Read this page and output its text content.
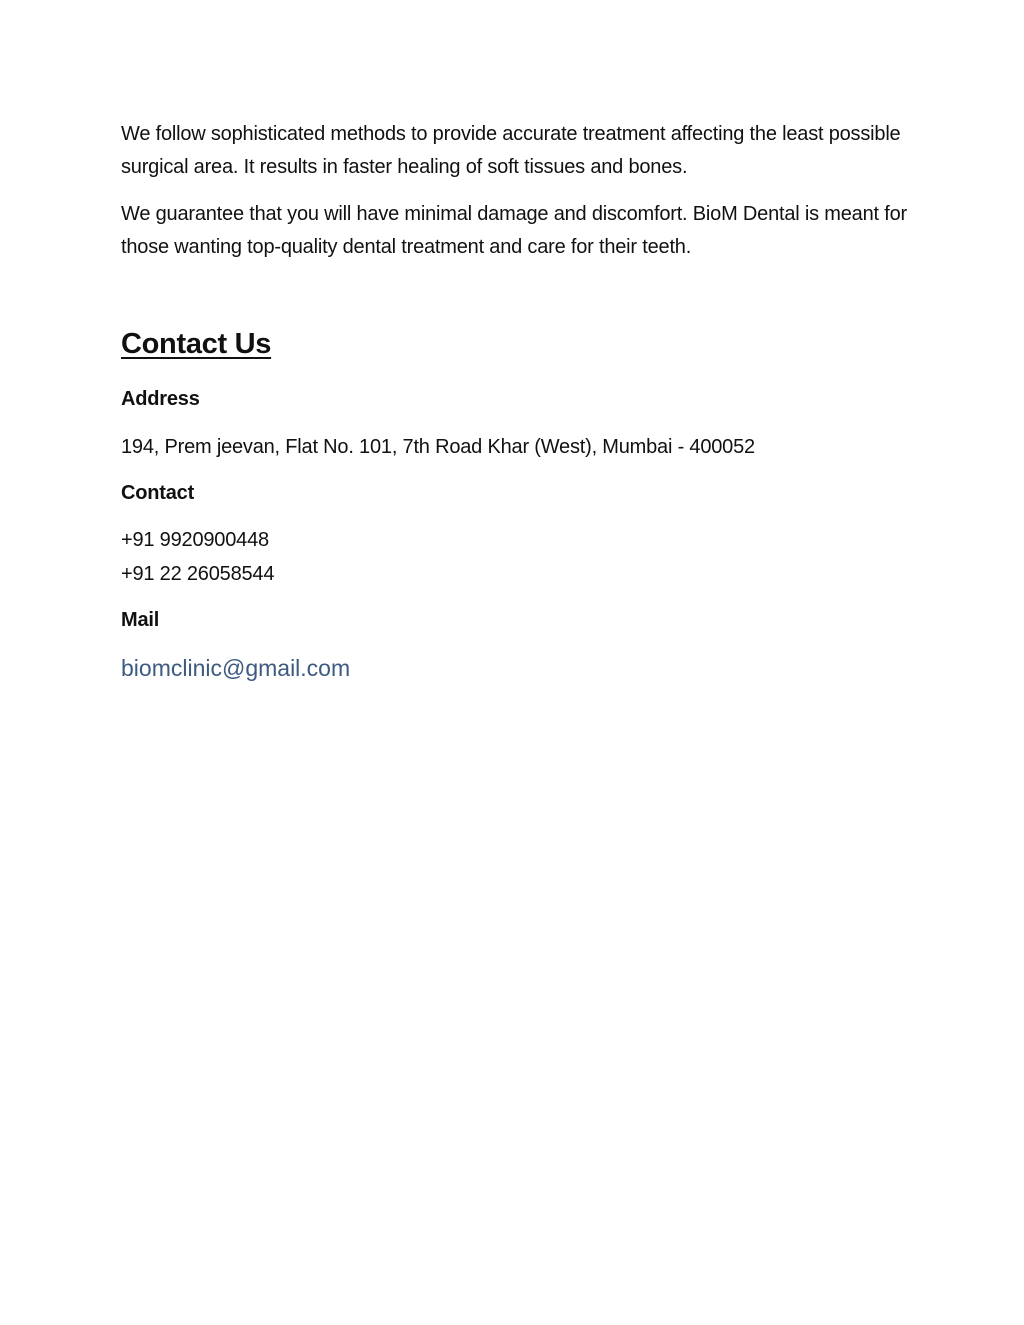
We follow sophisticated methods to provide accurate treatment affecting the least possible surgical area. It results in faster healing of soft tissues and bones.

We guarantee that you will have minimal damage and discomfort. BioM Dental is meant for those wanting top-quality dental treatment and care for their teeth.

Contact Us

Address

194, Prem jeevan, Flat No. 101, 7th Road Khar (West), Mumbai - 400052

Contact

+91 9920900448

+91 22 26058544

Mail

biomclinic@gmail.com
